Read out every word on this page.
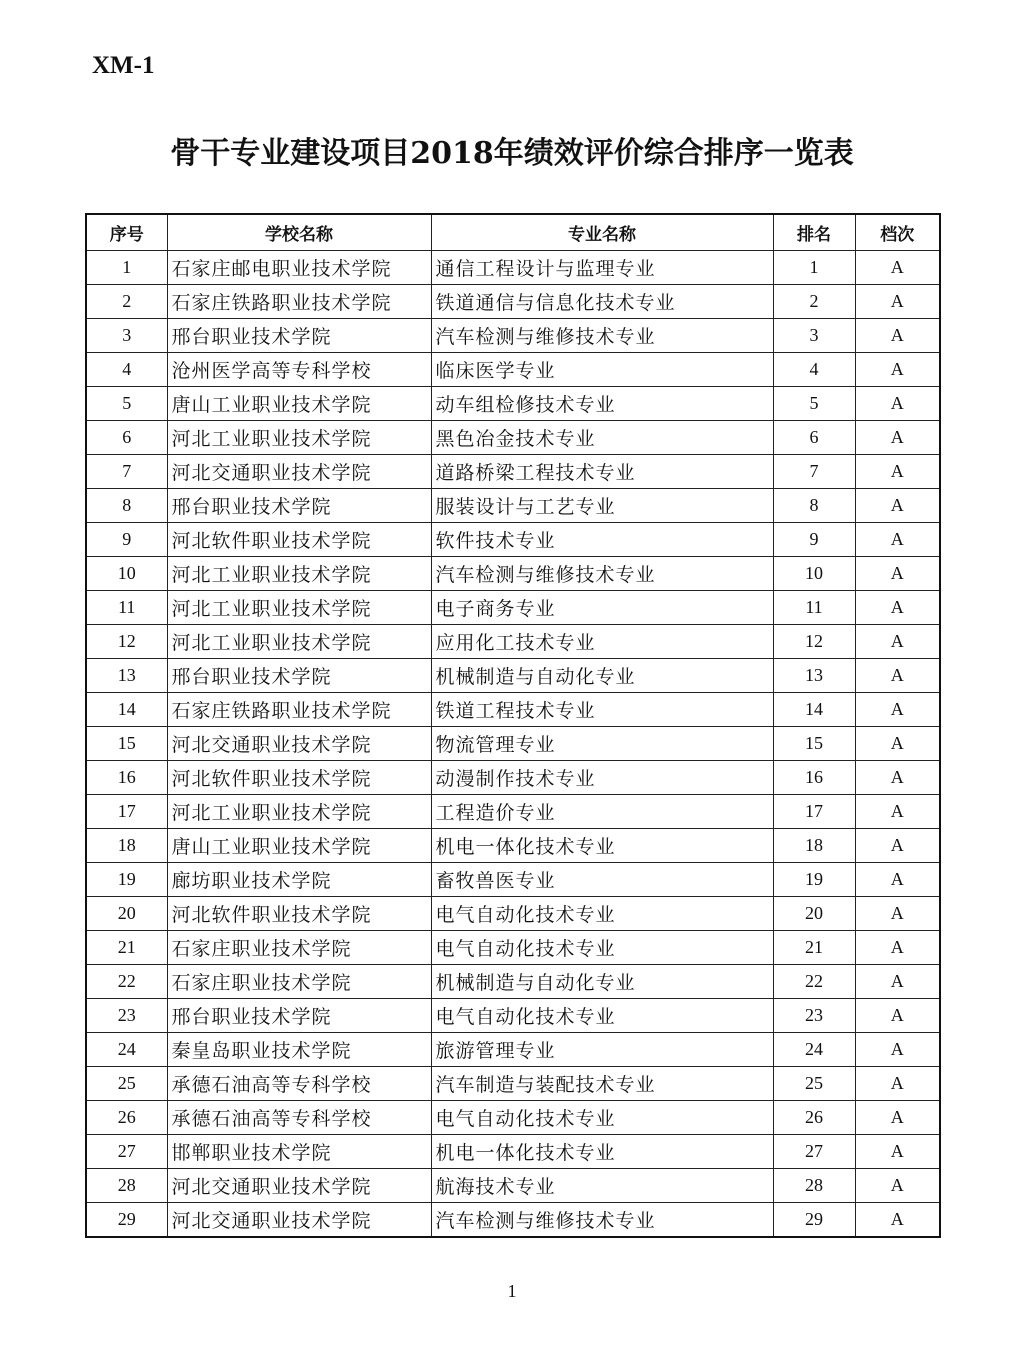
XM-1
骨干专业建设项目2018年绩效评价综合排序一览表
序号	学校名称	专业名称	排名	档次
1	石家庄邮电职业技术学院	通信工程设计与监理专业	1	A
2	石家庄铁路职业技术学院	铁道通信与信息化技术专业	2	A
3	邢台职业技术学院	汽车检测与维修技术专业	3	A
4	沧州医学高等专科学校	临床医学专业	4	A
5	唐山工业职业技术学院	动车组检修技术专业	5	A
6	河北工业职业技术学院	黑色冶金技术专业	6	A
7	河北交通职业技术学院	道路桥梁工程技术专业	7	A
8	邢台职业技术学院	服装设计与工艺专业	8	A
9	河北软件职业技术学院	软件技术专业	9	A
10	河北工业职业技术学院	汽车检测与维修技术专业	10	A
11	河北工业职业技术学院	电子商务专业	11	A
12	河北工业职业技术学院	应用化工技术专业	12	A
13	邢台职业技术学院	机械制造与自动化专业	13	A
14	石家庄铁路职业技术学院	铁道工程技术专业	14	A
15	河北交通职业技术学院	物流管理专业	15	A
16	河北软件职业技术学院	动漫制作技术专业	16	A
17	河北工业职业技术学院	工程造价专业	17	A
18	唐山工业职业技术学院	机电一体化技术专业	18	A
19	廊坊职业技术学院	畜牧兽医专业	19	A
20	河北软件职业技术学院	电气自动化技术专业	20	A
21	石家庄职业技术学院	电气自动化技术专业	21	A
22	石家庄职业技术学院	机械制造与自动化专业	22	A
23	邢台职业技术学院	电气自动化技术专业	23	A
24	秦皇岛职业技术学院	旅游管理专业	24	A
25	承德石油高等专科学校	汽车制造与装配技术专业	25	A
26	承德石油高等专科学校	电气自动化技术专业	26	A
27	邯郸职业技术学院	机电一体化技术专业	27	A
28	河北交通职业技术学院	航海技术专业	28	A
29	河北交通职业技术学院	汽车检测与维修技术专业	29	A
1
